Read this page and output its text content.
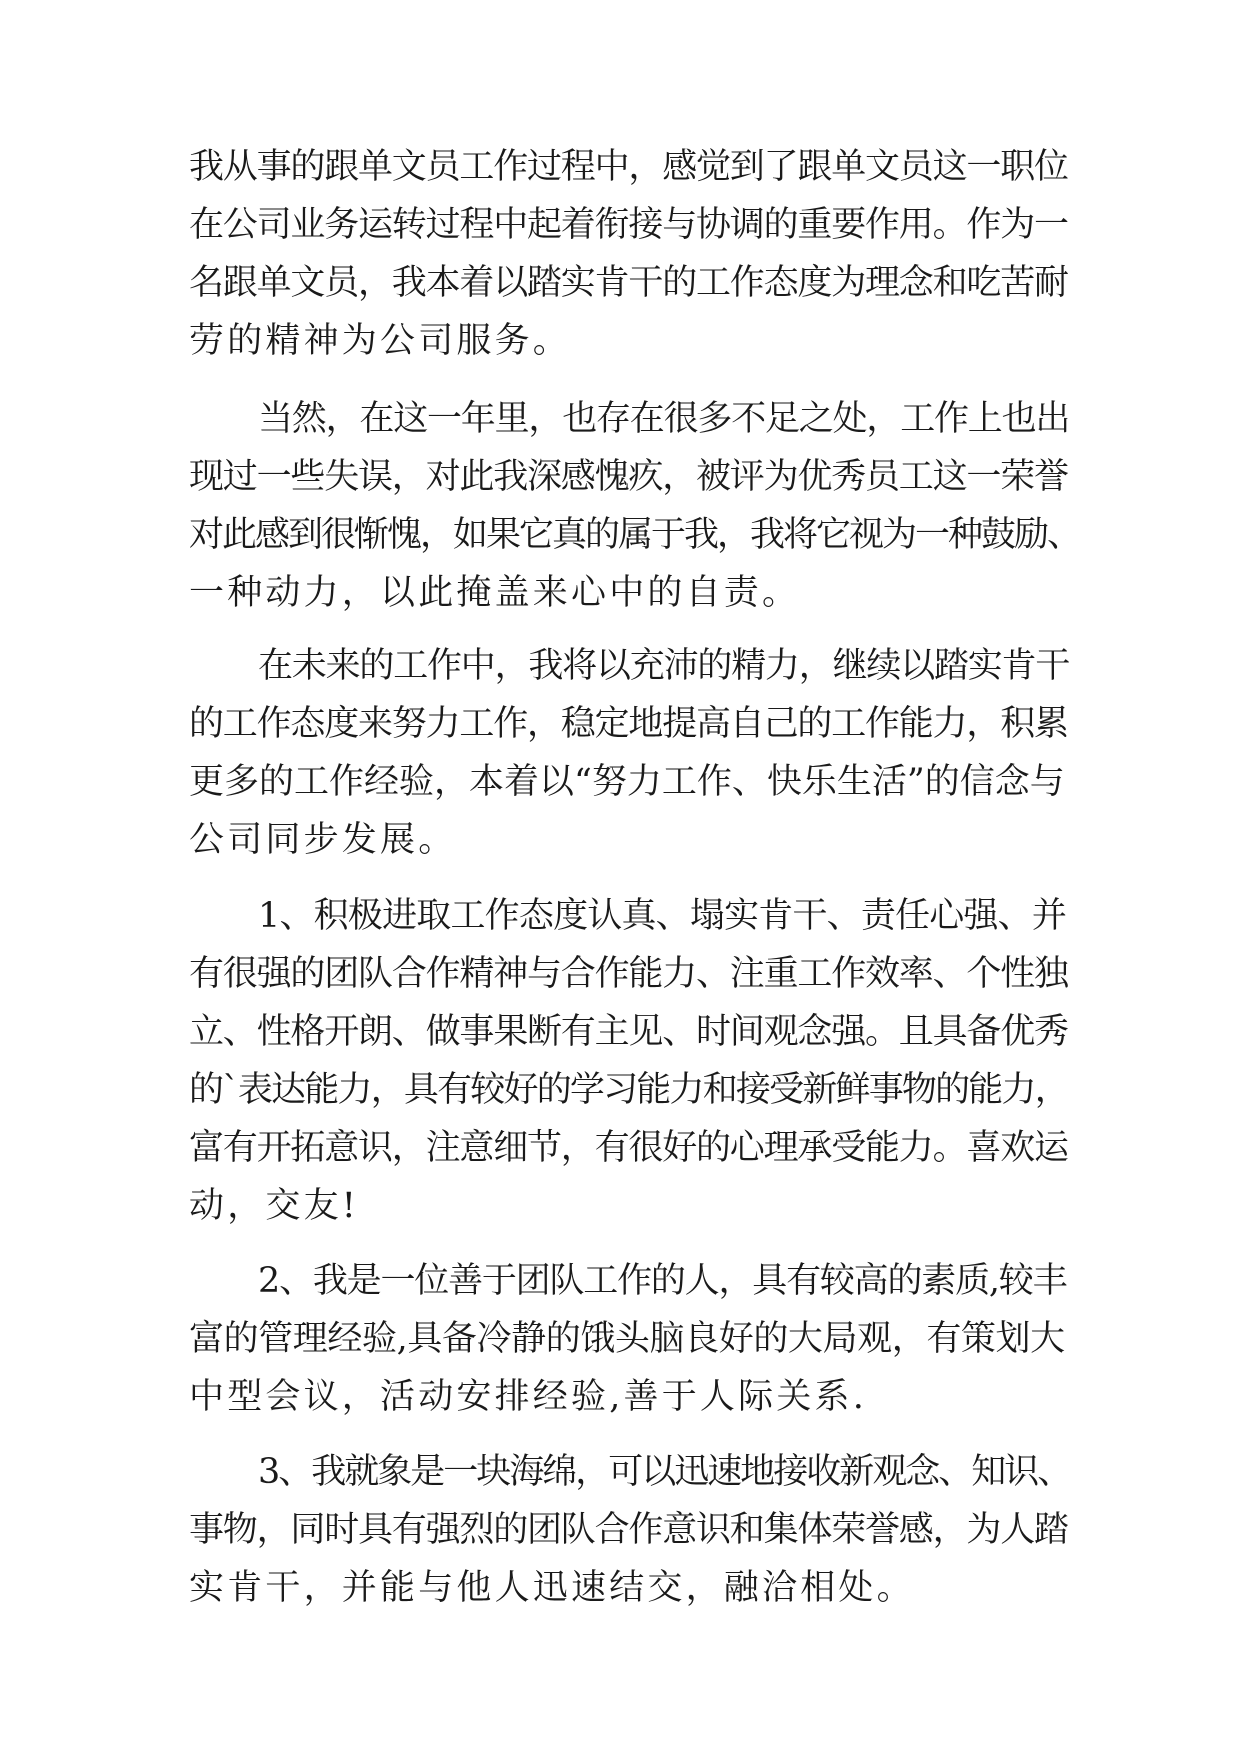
我从事的跟单文员工作过程中，感觉到了跟单文员这一职位
在公司业务运转过程中起着衔接与协调的重要作用。作为一
名跟单文员，我本着以踏实肯干的工作态度为理念和吃苦耐
劳的精神为公司服务。
当然，在这一年里，也存在很多不足之处，工作上也出
现过一些失误，对此我深感愧疚，被评为优秀员工这一荣誉
对此感到很惭愧，如果它真的属于我，我将它视为一种鼓励、
一种动力，以此掩盖来心中的自责。
在未来的工作中，我将以充沛的精力，继续以踏实肯干
的工作态度来努力工作，稳定地提高自己的工作能力，积累
更多的工作经验，本着以“努力工作、快乐生活”的信念与
公司同步发展。
1、积极进取工作态度认真、塌实肯干、责任心强、并
有很强的团队合作精神与合作能力、注重工作效率、个性独
立、性格开朗、做事果断有主见、时间观念强。且具备优秀
的`表达能力，具有较好的学习能力和接受新鲜事物的能力，
富有开拓意识，注意细节，有很好的心理承受能力。喜欢运
动，交友!
2、我是一位善于团队工作的人，具有较高的素质,较丰
富的管理经验,具备冷静的饿头脑良好的大局观，有策划大
中型会议，活动安排经验,善于人际关系.
3、我就象是一块海绵，可以迅速地接收新观念、知识、
事物，同时具有强烈的团队合作意识和集体荣誉感，为人踏
实肯干，并能与他人迅速结交，融洽相处。
